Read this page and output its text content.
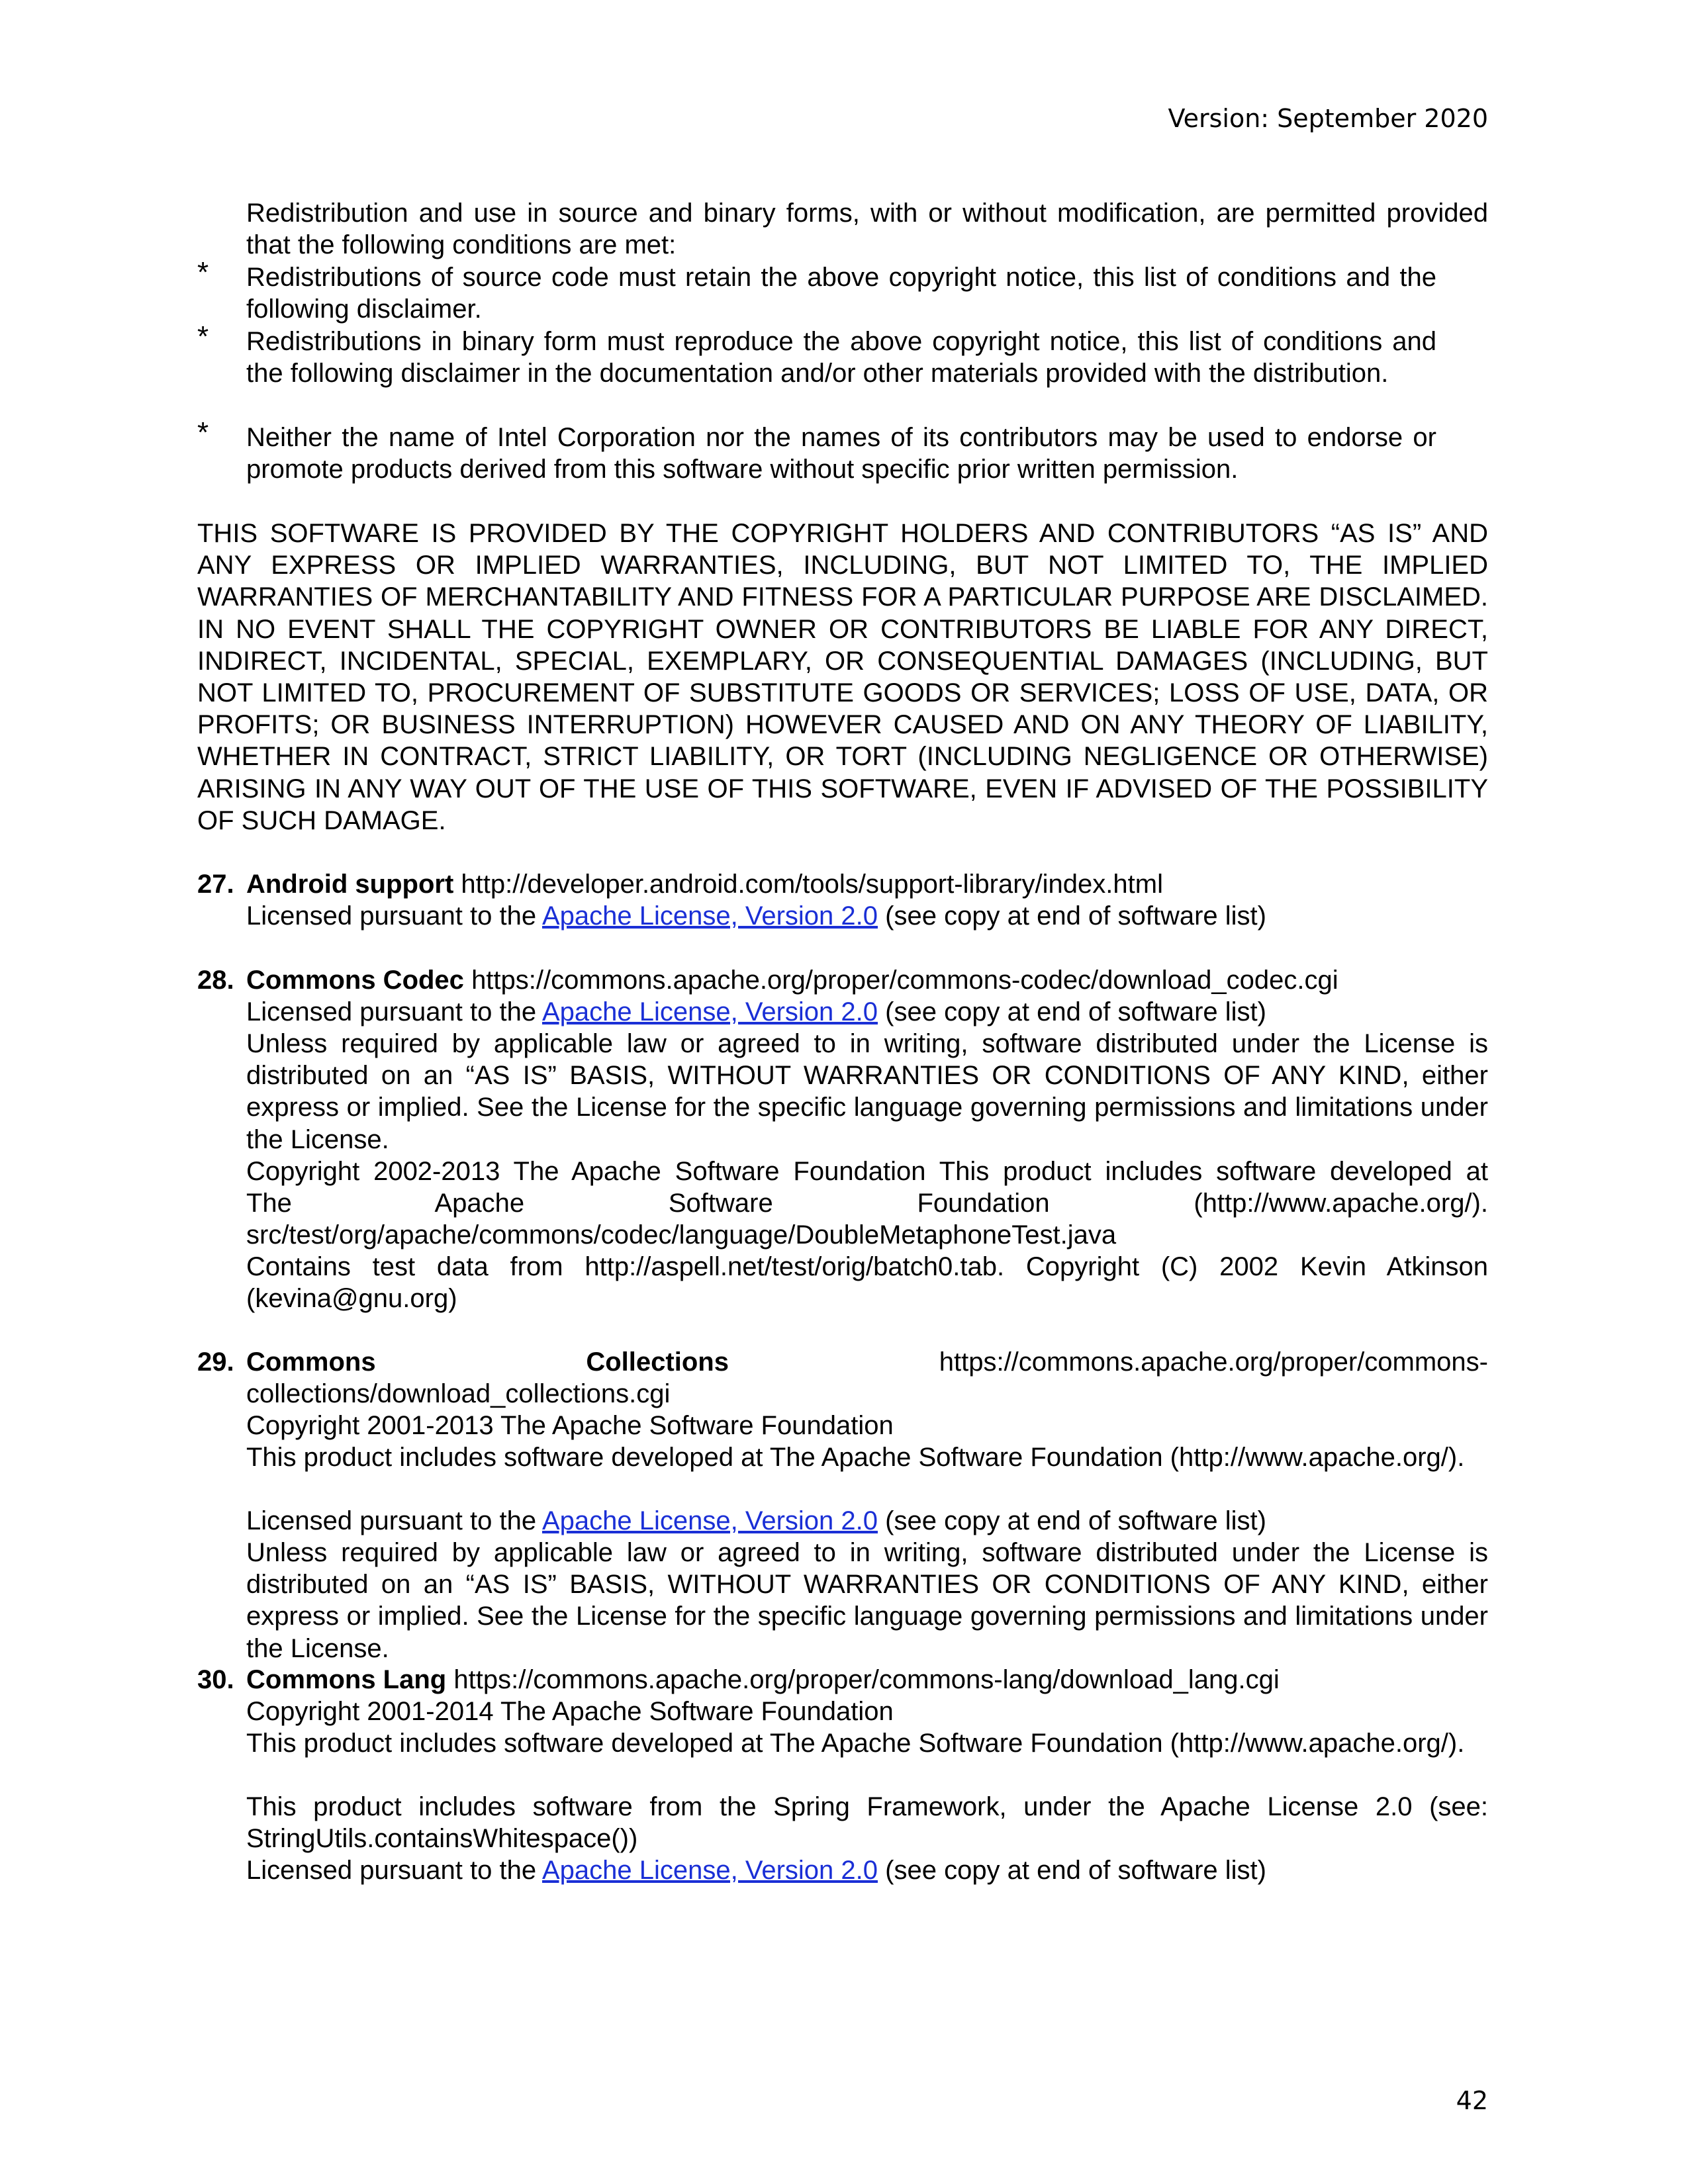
Version: September 2020
Redistribution and use in source and binary forms, with or without modification, are permitted provided that the following conditions are met:
* Redistributions of source code must retain the above copyright notice, this list of conditions and the following disclaimer.
* Redistributions in binary form must reproduce the above copyright notice, this list of conditions and the following disclaimer in the documentation and/or other materials provided with the distribution.
* Neither the name of Intel Corporation nor the names of its contributors may be used to endorse or promote products derived from this software without specific prior written permission.
THIS SOFTWARE IS PROVIDED BY THE COPYRIGHT HOLDERS AND CONTRIBUTORS “AS IS” AND ANY EXPRESS OR IMPLIED WARRANTIES, INCLUDING, BUT NOT LIMITED TO, THE IMPLIED WARRANTIES OF MERCHANTABILITY AND FITNESS FOR A PARTICULAR PURPOSE ARE DISCLAIMED. IN NO EVENT SHALL THE COPYRIGHT OWNER OR CONTRIBUTORS BE LIABLE FOR ANY DIRECT, INDIRECT, INCIDENTAL, SPECIAL, EXEMPLARY, OR CONSEQUENTIAL DAMAGES (INCLUDING, BUT NOT LIMITED TO, PROCUREMENT OF SUBSTITUTE GOODS OR SERVICES; LOSS OF USE, DATA, OR PROFITS; OR BUSINESS INTERRUPTION) HOWEVER CAUSED AND ON ANY THEORY OF LIABILITY, WHETHER IN CONTRACT, STRICT LIABILITY, OR TORT (INCLUDING NEGLIGENCE OR OTHERWISE) ARISING IN ANY WAY OUT OF THE USE OF THIS SOFTWARE, EVEN IF ADVISED OF THE POSSIBILITY OF SUCH DAMAGE.
27. Android support http://developer.android.com/tools/support-library/index.html
Licensed pursuant to the Apache License, Version 2.0 (see copy at end of software list)
28. Commons Codec https://commons.apache.org/proper/commons-codec/download_codec.cgi
Licensed pursuant to the Apache License, Version 2.0 (see copy at end of software list)
Unless required by applicable law or agreed to in writing, software distributed under the License is distributed on an “AS IS” BASIS, WITHOUT WARRANTIES OR CONDITIONS OF ANY KIND, either express or implied. See the License for the specific language governing permissions and limitations under the License.
Copyright 2002-2013 The Apache Software Foundation This product includes software developed at
The Apache Software Foundation (http://www.apache.org/).
src/test/org/apache/commons/codec/language/DoubleMetaphoneTest.java
Contains test data from http://aspell.net/test/orig/batch0.tab. Copyright (C) 2002 Kevin Atkinson (kevina@gnu.org)
29. Commons Collections	https://commons.apache.org/proper/commons-
collections/download_collections.cgi
Copyright 2001-2013 The Apache Software Foundation
This product includes software developed at The Apache Software Foundation (http://www.apache.org/).
Licensed pursuant to the Apache License, Version 2.0 (see copy at end of software list)
Unless required by applicable law or agreed to in writing, software distributed under the License is distributed on an “AS IS” BASIS, WITHOUT WARRANTIES OR CONDITIONS OF ANY KIND, either express or implied. See the License for the specific language governing permissions and limitations under the License.
30. Commons Lang https://commons.apache.org/proper/commons-lang/download_lang.cgi
Copyright 2001-2014 The Apache Software Foundation
This product includes software developed at The Apache Software Foundation (http://www.apache.org/).
This product includes software from the Spring Framework, under the Apache License 2.0 (see: StringUtils.containsWhitespace())
Licensed pursuant to the Apache License, Version 2.0 (see copy at end of software list)
42
